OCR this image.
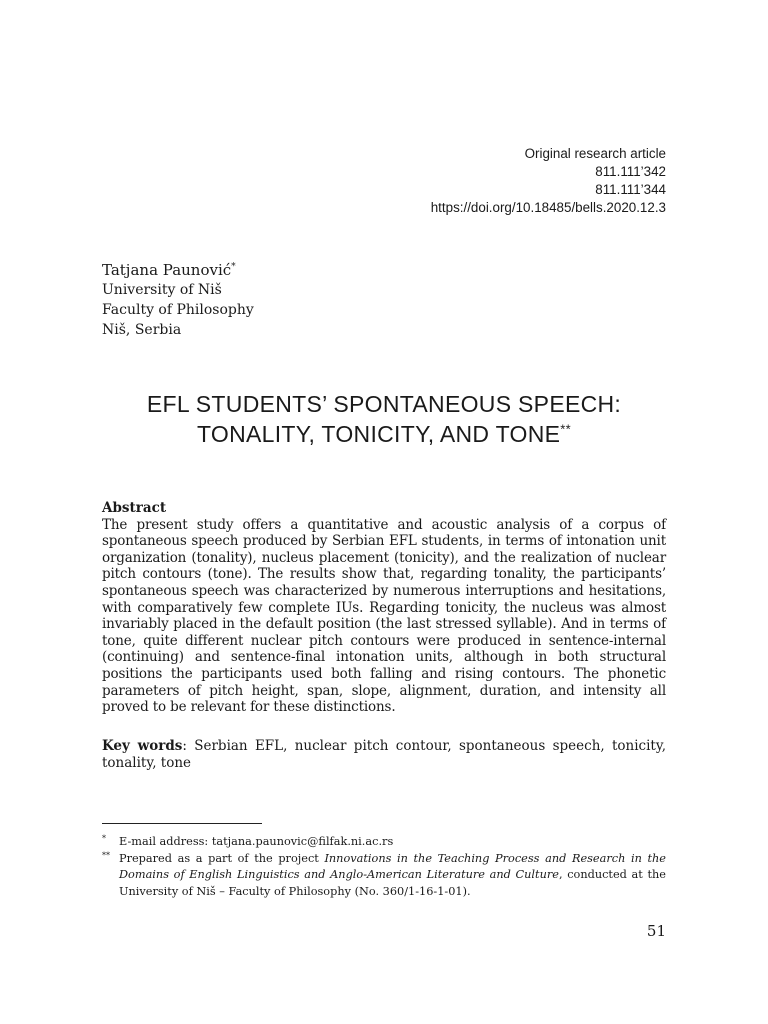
Original research article
811.111’342
811.111’344
https://doi.org/10.18485/bells.2020.12.3
Tatjana Paunović*
University of Niš
Faculty of Philosophy
Niš, Serbia
EFL STUDENTS’ SPONTANEOUS SPEECH:
TONALITY, TONICITY, AND TONE**
Abstract
The present study offers a quantitative and acoustic analysis of a corpus of spontaneous speech produced by Serbian EFL students, in terms of intonation unit organization (tonality), nucleus placement (tonicity), and the realization of nuclear pitch contours (tone). The results show that, regarding tonality, the participants’ spontaneous speech was characterized by numerous interruptions and hesitations, with comparatively few complete IUs. Regarding tonicity, the nucleus was almost invariably placed in the default position (the last stressed syllable). And in terms of tone, quite different nuclear pitch contours were produced in sentence-internal (continuing) and sentence-final intonation units, although in both structural positions the participants used both falling and rising contours. The phonetic parameters of pitch height, span, slope, alignment, duration, and intensity all proved to be relevant for these distinctions.
Key words: Serbian EFL, nuclear pitch contour, spontaneous speech, tonicity, tonality, tone
* E-mail address: tatjana.paunovic@filfak.ni.ac.rs
** Prepared as a part of the project Innovations in the Teaching Process and Research in the Domains of English Linguistics and Anglo-American Literature and Culture, conducted at the University of Niš – Faculty of Philosophy (No. 360/1-16-1-01).
51
